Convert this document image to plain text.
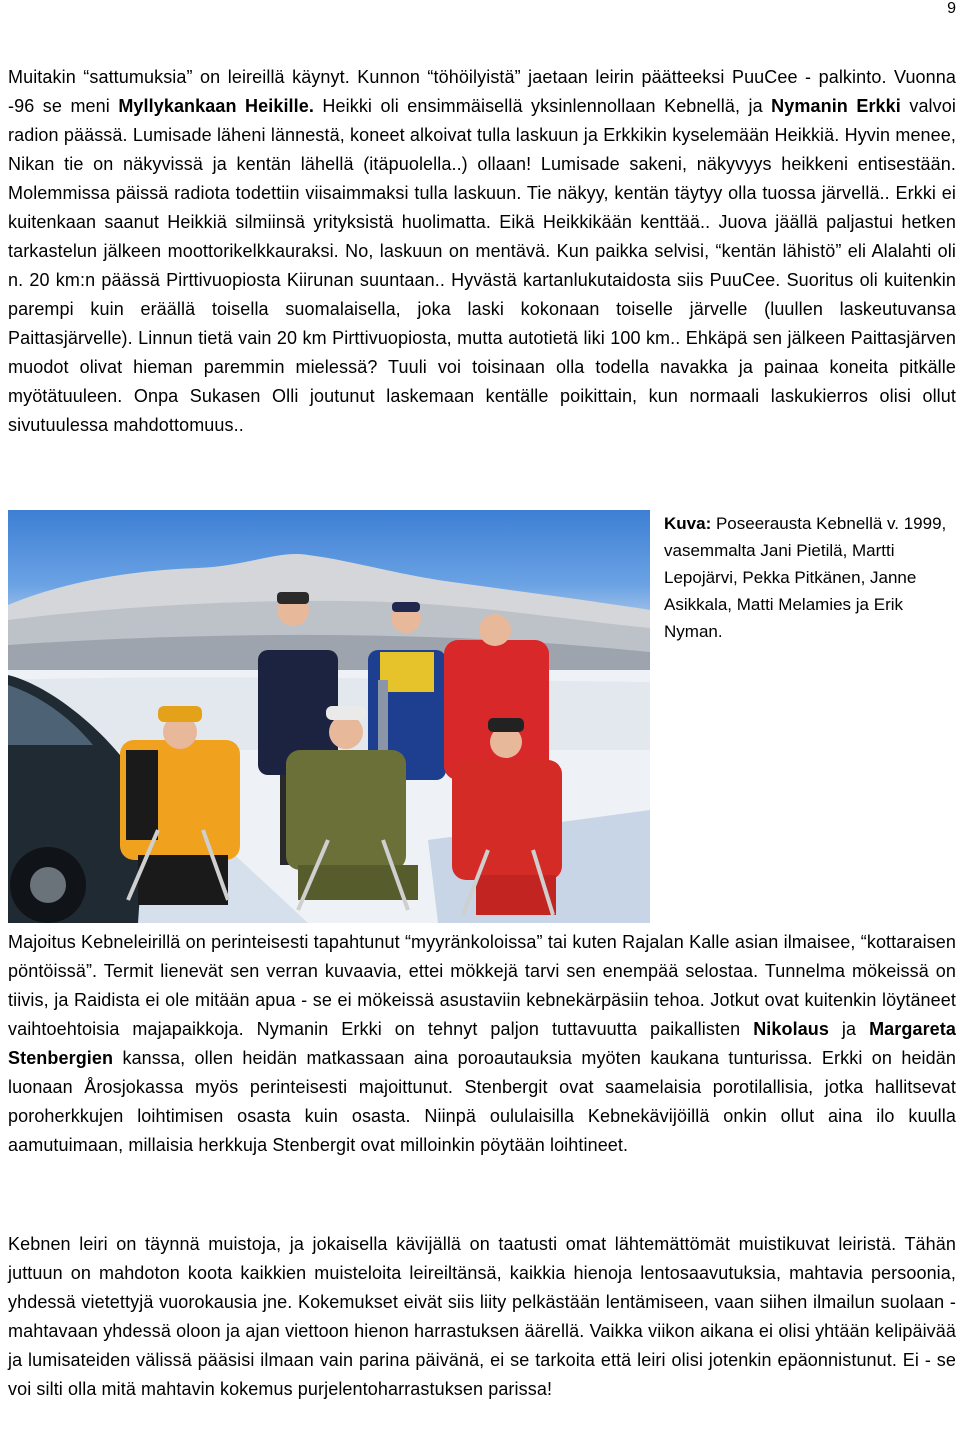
9

Muitakin “sattumuksia” on leireillä käynyt. Kunnon “töhöilyistä” jaetaan leirin päätteeksi PuuCee - palkinto. Vuonna -96 se meni Myllykankaan Heikille. Heikki oli ensimmäisellä yksinlennollaan Kebnellä, ja Nymanin Erkki valvoi radion päässä. Lumisade läheni lännestä, koneet alkoivat tulla laskuun ja Erkkikin kyselemään Heikkiä. Hyvin menee, Nikan tie on näkyvissä ja kentän lähellä (itäpuolella..) ollaan! Lumisade sakeni, näkyvyys heikkeni entisestään. Molemmissa päissä radiota todettiin viisaimmaksi tulla laskuun. Tie näkyy, kentän täytyy olla tuossa järvellä.. Erkki ei kuitenkaan saanut Heikkiä silmiinsä yrityksistä huolimatta. Eikä Heikkikään kenttää.. Juova jäällä paljastui hetken tarkastelun jälkeen moottorikelkkauraksi. No, laskuun on mentävä. Kun paikka selvisi, “kentän lähistö” eli Alalahti oli n. 20 km:n päässä Pirttivuopiosta Kiirunan suuntaan.. Hyvästä kartanlukutaidosta siis PuuCee. Suoritus oli kuitenkin parempi kuin eräällä toisella suomalaisella, joka laski kokonaan toiselle järvelle (luullen laskeutuvansa Paittasjärvelle). Linnun tietä vain 20 km Pirttivuopiosta, mutta autotietä liki 100 km.. Ehkäpä sen jälkeen Paittasjärven muodot olivat hieman paremmin mielessä? Tuuli voi toisinaan olla todella navakka ja painaa koneita pitkälle myötätuuleen. Onpa Sukasen Olli joutunut laskemaan kentälle poikittain, kun normaali laskukierros olisi ollut sivutuulessa mahdottomuus..

Kuva: Poseerausta Kebnellä v. 1999, vasemmalta Jani Pietilä, Martti Lepojärvi, Pekka Pitkänen, Janne Asikkala, Matti Melamies ja Erik Nyman.

Majoitus Kebneleirillä on perinteisesti tapahtunut “myyränkoloissa” tai kuten Rajalan Kalle asian ilmaisee, “kottaraisen pöntöissä”. Termit lienevät sen verran kuvaavia, ettei mökkejä tarvi sen enempää selostaa. Tunnelma mökeissä on tiivis, ja Raidista ei ole mitään apua - se ei mökeissä asustaviin kebnekärpäsiin tehoa. Jotkut ovat kuitenkin löytäneet vaihtoehtoisia majapaikkoja. Nymanin Erkki on tehnyt paljon tuttavuutta paikallisten Nikolaus ja Margareta Stenbergien kanssa, ollen heidän matkassaan aina poroautauksia myöten kaukana tunturissa. Erkki on heidän luonaan Årosjokassa myös perinteisesti majoittunut. Stenbergit ovat saamelaisia porotilallisia, jotka hallitsevat poroherkkujen loihtimisen osasta kuin osasta. Niinpä oululaisilla Kebnekävijöillä onkin ollut aina ilo kuulla aamutuimaan, millaisia herkkuja Stenbergit ovat milloinkin pöytään loihtineet.

Kebnen leiri on täynnä muistoja, ja jokaisella kävijällä on taatusti omat lähtemättömät muistikuvat leiristä. Tähän juttuun on mahdoton koota kaikkien muisteloita leireiltänsä, kaikkia hienoja lentosaavutuksia, mahtavia persoonia, yhdessä vietettyjä vuorokausia jne. Kokemukset eivät siis liity pelkästään lentämiseen, vaan siihen ilmailun suolaan - mahtavaan yhdessä oloon ja ajan viettoon hienon harrastuksen äärellä. Vaikka viikon aikana ei olisi yhtään kelipäivää ja lumisateiden välissä pääsisi ilmaan vain parina päivänä, ei se tarkoita että leiri olisi jotenkin epäonnistunut. Ei - se voi silti olla mitä mahtavin kokemus purjelentoharrastuksen parissa!
